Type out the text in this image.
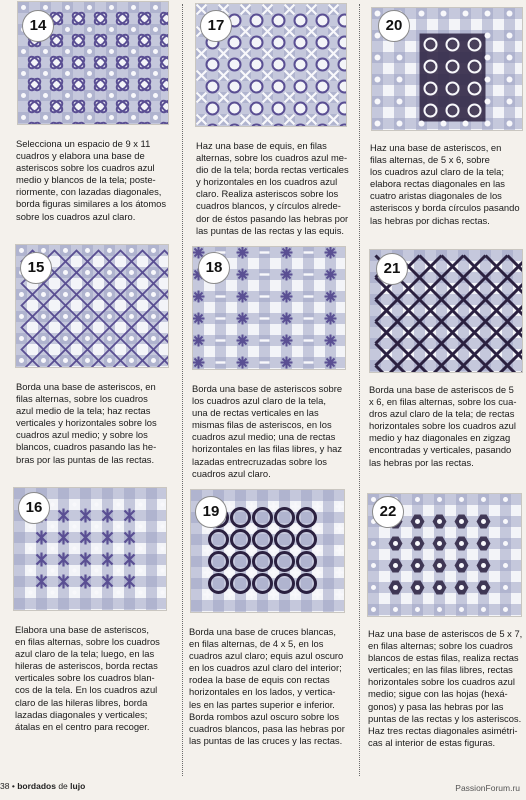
14
Selecciona un espacio de 9 x 11
cuadros y elabora una base de
asteriscos sobre los cuadros azul
medio y blancos de la tela; poste-
riormente, con lazadas diagonales,
borda figuras similares a los átomos
sobre los cuadros azul claro.
17
Haz una base de equis, en filas
alternas, sobre los cuadros azul me-
dio de la tela; borda rectas verticales
y horizontales en los cuadros azul
claro. Realiza asteriscos sobre los
cuadros blancos, y círculos alrede-
dor de éstos pasando las hebras por
las puntas de las rectas y las equis.
20
Haz una base de asteriscos, en
filas alternas, de 5 x 6, sobre
los cuadros azul claro de la tela;
elabora rectas diagonales en las
cuatro aristas diagonales de los
asteriscos y borda círculos pasando
las hebras por dichas rectas.
15
Borda una base de asteriscos, en
filas alternas, sobre los cuadros
azul medio de la tela; haz rectas
verticales y horizontales sobre los
cuadros azul medio; y sobre los
blancos, cuadros pasando las he-
bras por las puntas de las rectas.
18
Borda una base de asteriscos sobre
los cuadros azul claro de la tela,
una de rectas verticales en las
mismas filas de asteriscos, en los
cuadros azul medio; una de rectas
horizontales en las filas libres, y haz
lazadas entrecruzadas sobre los
cuadros azul claro.
21
Borda una base de asteriscos de 5
x 6, en filas alternas, sobre los cua-
dros azul claro de la tela; de rectas
horizontales sobre los cuadros azul
medio y haz diagonales en zigzag
encontradas y verticales, pasando
las hebras por las rectas.
16
Elabora una base de asteriscos,
en filas alternas, sobre los cuadros
azul claro de la tela; luego, en las
hileras de asteriscos, borda rectas
verticales sobre los cuadros blan-
cos de la tela. En los cuadros azul
claro de las hileras libres, borda
lazadas diagonales y verticales;
átalas en el centro para recoger.
19
Borda una base de cruces blancas,
en filas alternas, de 4 x 5, en los
cuadros azul claro; equis azul oscuro
en los cuadros azul claro del interior;
rodea la base de equis con rectas
horizontales en los lados, y vertica-
les en las partes superior e inferior.
Borda rombos azul oscuro sobre los
cuadros blancos, pasa las hebras por
las puntas de las cruces y las rectas.
22
Haz una base de asteriscos de 5 x 7,
en filas alternas; sobre los cuadros
blancos de estas filas, realiza rectas
verticales; en las filas libres, rectas
horizontales sobre los cuadros azul
medio; sigue con las hojas (hexá-
gonos) y pasa las hebras por las
puntas de las rectas y los asteriscos.
Haz tres rectas diagonales asimétri-
cas al interior de estas figuras.
38 • bordados de lujo	PassionForum.ru
